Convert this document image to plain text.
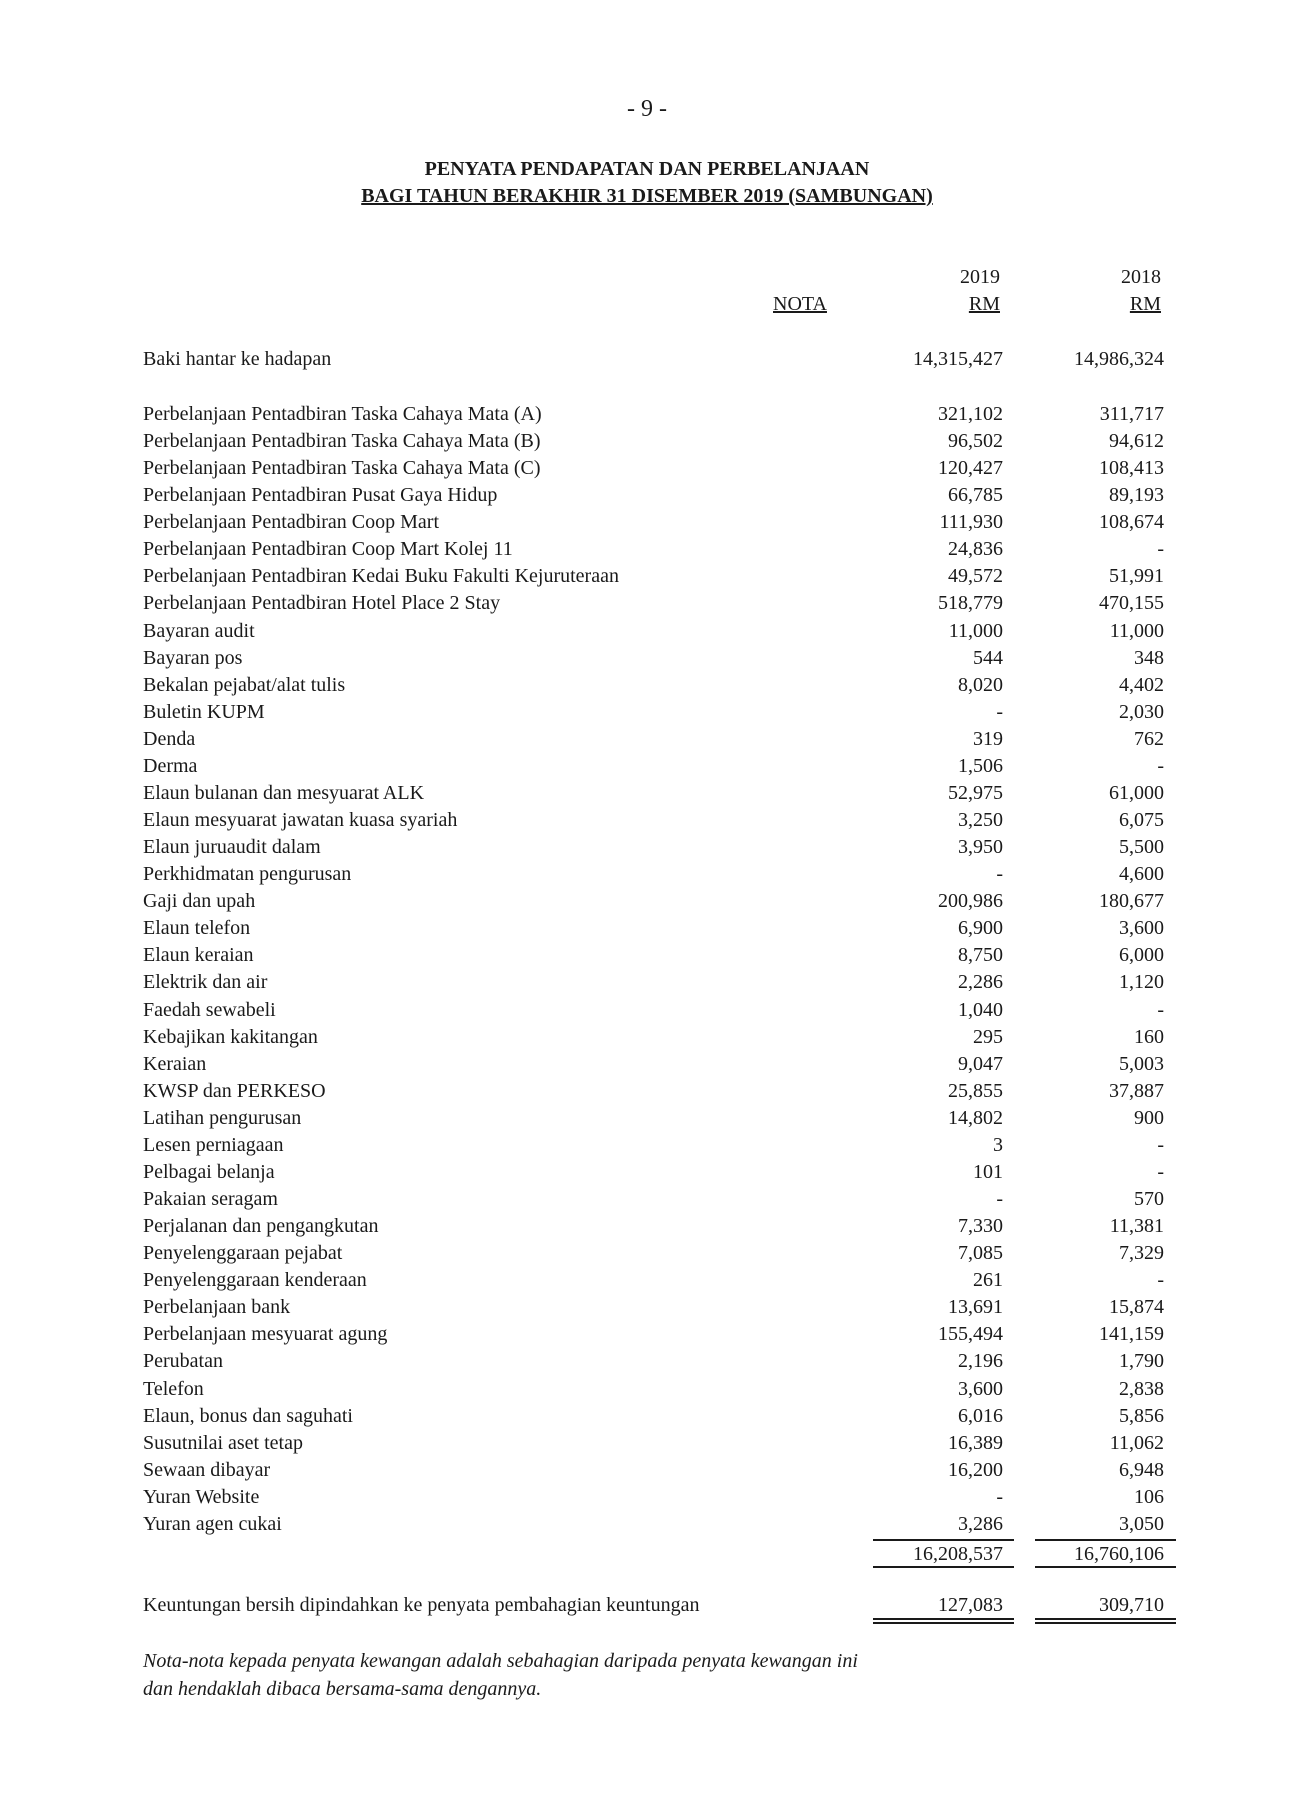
- 9 -
PENYATA PENDAPATAN DAN PERBELANJAAN
BAGI TAHUN BERAKHIR 31 DISEMBER 2019 (SAMBUNGAN)
NOTA
2019	2018
RM	RM
Baki hantar ke hadapan	14,315,427	14,986,324
Perbelanjaan Pentadbiran Taska Cahaya Mata (A)	321,102	311,717
Perbelanjaan Pentadbiran Taska Cahaya Mata (B)	96,502	94,612
Perbelanjaan Pentadbiran Taska Cahaya Mata (C)	120,427	108,413
Perbelanjaan Pentadbiran Pusat Gaya Hidup	66,785	89,193
Perbelanjaan Pentadbiran Coop Mart	111,930	108,674
Perbelanjaan Pentadbiran Coop Mart Kolej 11	24,836	-
Perbelanjaan Pentadbiran Kedai Buku Fakulti Kejuruteraan	49,572	51,991
Perbelanjaan Pentadbiran Hotel Place 2 Stay	518,779	470,155
Bayaran audit	11,000	11,000
Bayaran pos	544	348
Bekalan pejabat/alat tulis	8,020	4,402
Buletin KUPM	-	2,030
Denda	319	762
Derma	1,506	-
Elaun bulanan dan mesyuarat ALK	52,975	61,000
Elaun mesyuarat jawatan kuasa syariah	3,250	6,075
Elaun juruaudit dalam	3,950	5,500
Perkhidmatan pengurusan	-	4,600
Gaji dan upah	200,986	180,677
Elaun telefon	6,900	3,600
Elaun keraian	8,750	6,000
Elektrik dan air	2,286	1,120
Faedah sewabeli	1,040	-
Kebajikan kakitangan	295	160
Keraian	9,047	5,003
KWSP dan PERKESO	25,855	37,887
Latihan pengurusan	14,802	900
Lesen perniagaan	3	-
Pelbagai belanja	101	-
Pakaian seragam	-	570
Perjalanan dan pengangkutan	7,330	11,381
Penyelenggaraan pejabat	7,085	7,329
Penyelenggaraan kenderaan	261	-
Perbelanjaan bank	13,691	15,874
Perbelanjaan mesyuarat agung	155,494	141,159
Perubatan	2,196	1,790
Telefon	3,600	2,838
Elaun, bonus dan saguhati	6,016	5,856
Susutnilai aset tetap	16,389	11,062
Sewaan dibayar	16,200	6,948
Yuran Website	-	106
Yuran agen cukai	3,286	3,050
16,208,537	16,760,106
Keuntungan bersih dipindahkan ke penyata pembahagian keuntungan	127,083	309,710
Nota-nota kepada penyata kewangan adalah sebahagian daripada penyata kewangan ini
dan hendaklah dibaca bersama-sama dengannya.
